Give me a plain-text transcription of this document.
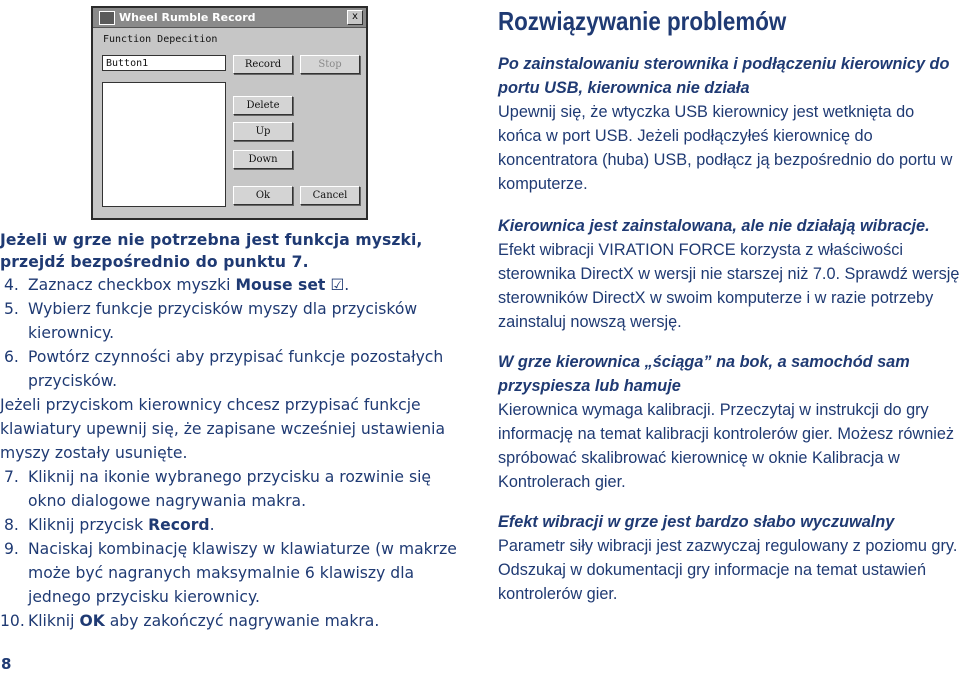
Wheel Rumble Record	x
Function Depecition
Button1	Record	Stop
Delete
Up
Down
Ok	Cancel

Jeżeli w grze nie potrzebna jest funkcja myszki, przejdź bezpośrednio do punktu 7.

4. Zaznacz checkbox myszki Mouse set ☑.
5. Wybierz funkcje przycisków myszy dla przycisków kierownicy.
6. Powtórz czynności aby przypisać funkcje pozostałych przycisków.

Jeżeli przyciskom kierownicy chcesz przypisać funkcje klawiatury upewnij się, że zapisane wcześniej ustawienia myszy zostały usunięte.

7. Kliknij na ikonie wybranego przycisku a rozwinie się okno dialogowe nagrywania makra.
8. Kliknij przycisk Record.
9. Naciskaj kombinację klawiszy w klawiaturze (w makrze może być nagranych maksymalnie 6 klawiszy dla jednego przycisku kierownicy.
10. Kliknij OK aby zakończyć nagrywanie makra.
8
Rozwiązywanie problemów

Po zainstalowaniu sterownika i podłączeniu kierownicy do portu USB, kierownica nie działa

Upewnij się, że wtyczka USB kierownicy jest wetknięta do końca w port USB. Jeżeli podłączyłeś kierownicę do koncentratora (huba) USB, podłącz ją bezpośrednio do portu w komputerze.

Kierownica jest zainstalowana, ale nie działają wibracje.

Efekt wibracji VIRATION FORCE korzysta z właściwości sterownika DirectX w wersji nie starszej niż 7.0. Sprawdź wersję sterowników DirectX w swoim komputerze i w razie potrzeby zainstaluj nowszą wersję.

W grze kierownica „ściąga” na bok, a samochód sam przyspiesza lub hamuje

Kierownica wymaga kalibracji. Przeczytaj w instrukcji do gry informację na temat kalibracji kontrolerów gier. Możesz również spróbować skalibrować kierownicę w oknie Kalibracja w Kontrolerach gier.

Efekt wibracji w grze jest bardzo słabo wyczuwalny

Parametr siły wibracji jest zazwyczaj regulowany z poziomu gry. Odszukaj w dokumentacji gry informacje na temat ustawień kontrolerów gier.
